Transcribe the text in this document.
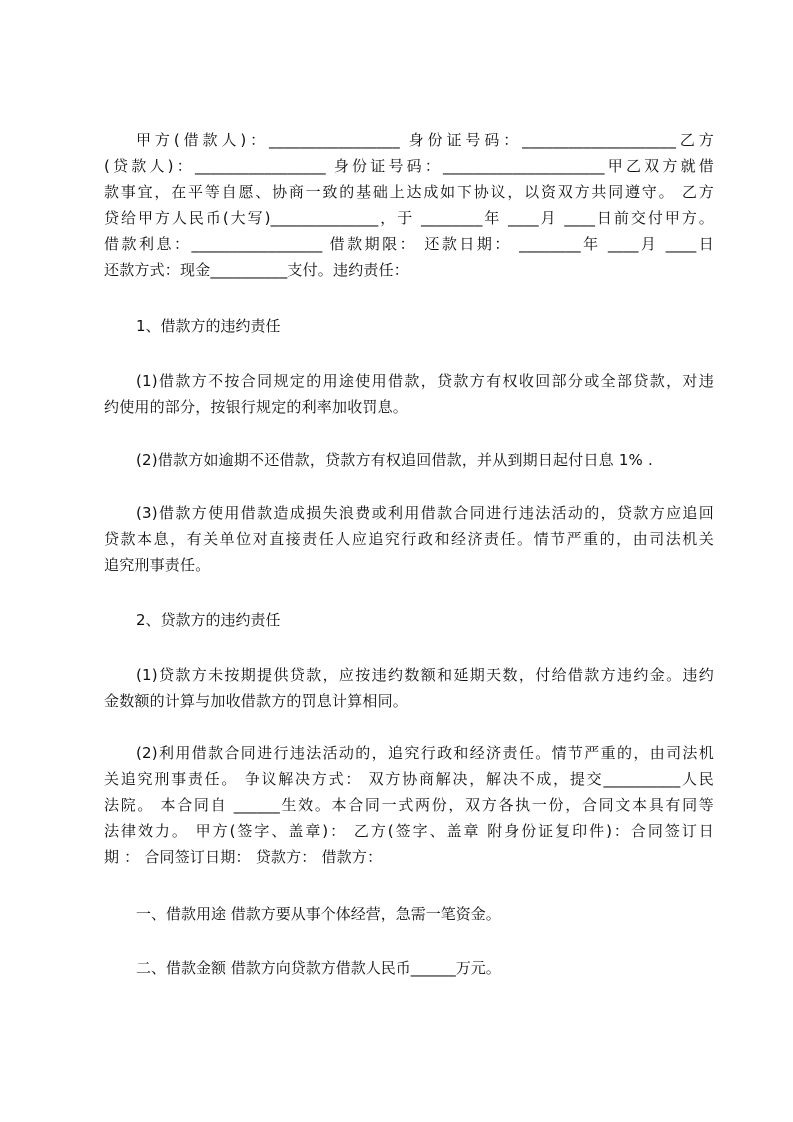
甲方(借款人)：_________________ 身份证号码：____________________乙方
(贷款人)：_________________ 身份证号码：_____________________甲乙双方就借
款事宜，在平等自愿、协商一致的基础上达成如下协议，以资双方共同遵守。 乙方
贷给甲方人民币(大写)______________，于 ________年 ____月 ____日前交付甲方。
借款利息：_________________ 借款期限： 还款日期： ________年 ____月 ____日
还款方式：现金__________支付。违约责任：
1、借款方的违约责任
(1)借款方不按合同规定的用途使用借款，贷款方有权收回部分或全部贷款，对违
约使用的部分，按银行规定的利率加收罚息。
(2)借款方如逾期不还借款，贷款方有权追回借款，并从到期日起付日息 1% .
(3)借款方使用借款造成损失浪费或利用借款合同进行违法活动的，贷款方应追回
贷款本息，有关单位对直接责任人应追究行政和经济责任。情节严重的，由司法机关
追究刑事责任。
2、贷款方的违约责任
(1)贷款方未按期提供贷款，应按违约数额和延期天数，付给借款方违约金。违约
金数额的计算与加收借款方的罚息计算相同。
(2)利用借款合同进行违法活动的，追究行政和经济责任。情节严重的，由司法机
关追究刑事责任。 争议解决方式： 双方协商解决，解决不成，提交__________人民
法院。 本合同自 ______生效。本合同一式两份，双方各执一份，合同文本具有同等
法律效力。 甲方(签字、盖章)： 乙方(签字、盖章 附身份证复印件)：合同签订日
期 ： 合同签订日期： 贷款方： 借款方：
一、借款用途 借款方要从事个体经营，急需一笔资金。
二、借款金额 借款方向贷款方借款人民币______万元。
